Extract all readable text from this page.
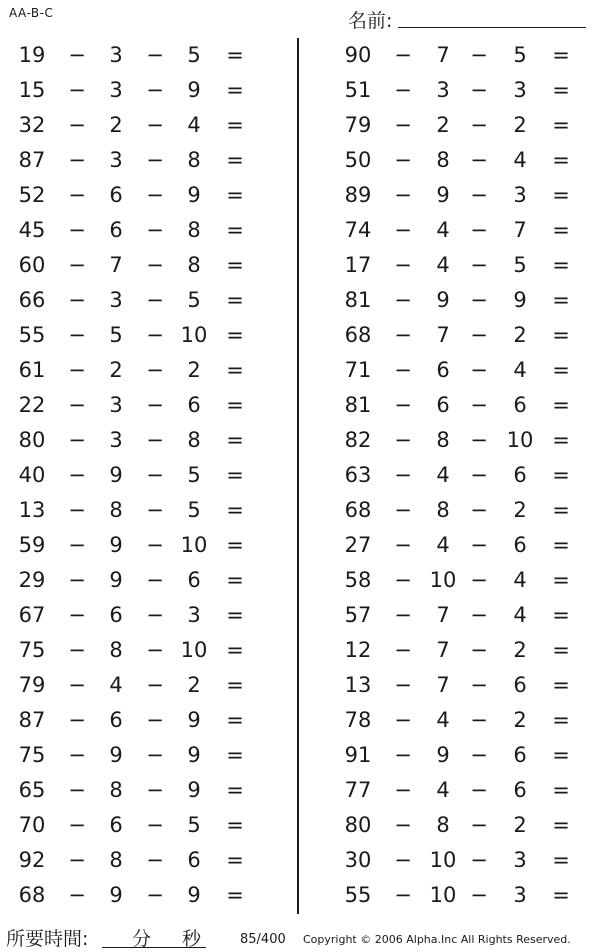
AA-B-C	名前:
19	−	3	−	5	=
15	−	3	−	9	=
32	−	2	−	4	=
87	−	3	−	8	=
52	−	6	−	9	=
45	−	6	−	8	=
60	−	7	−	8	=
66	−	3	−	5	=
55	−	5	− 10 =
61	−	2	−	2	=
22	−	3	−	6	=
80	−	3	−	8	=
40	−	9	−	5	=
13	−	8	−	5	=
59	−	9	− 10 =
29	−	9	−	6	=
67	−	6	−	3	=
75	−	8	− 10 =
79	−	4	−	2	=
87	−	6	−	9	=
75	−	9	−	9	=
65	−	8	−	9	=
70	−	6	−	5	=
92	−	8	−	6	=
68	−	9	−	9	=
90	−	7 −	5	=
51	−	3 −	3	=
79	−	2 −	2	=
50	−	8 −	4	=
89	−	9 −	3	=
74	−	4 −	7	=
17	−	4 −	5	=
81	−	9 −	9	=
68	−	7 −	2	=
71	−	6 −	4	=
81	−	6 −	6	=
82	−	8 − 10 =
63	−	4 −	6	=
68	−	8 −	2	=
27	−	4 −	6	=
58	− 10 −	4	=
57	−	7 −	4	=
12	−	7 −	2	=
13	−	7 −	6	=
78	−	4 −	2	=
91	−	9 −	6	=
77	−	4 −	6	=
80	−	8 −	2	=
30	− 10 −	3	=
55	− 10 −	3	=
所要時間: 分 秒	85/400 Copyright © 2006 Alpha.Inc All Rights Reserved.
